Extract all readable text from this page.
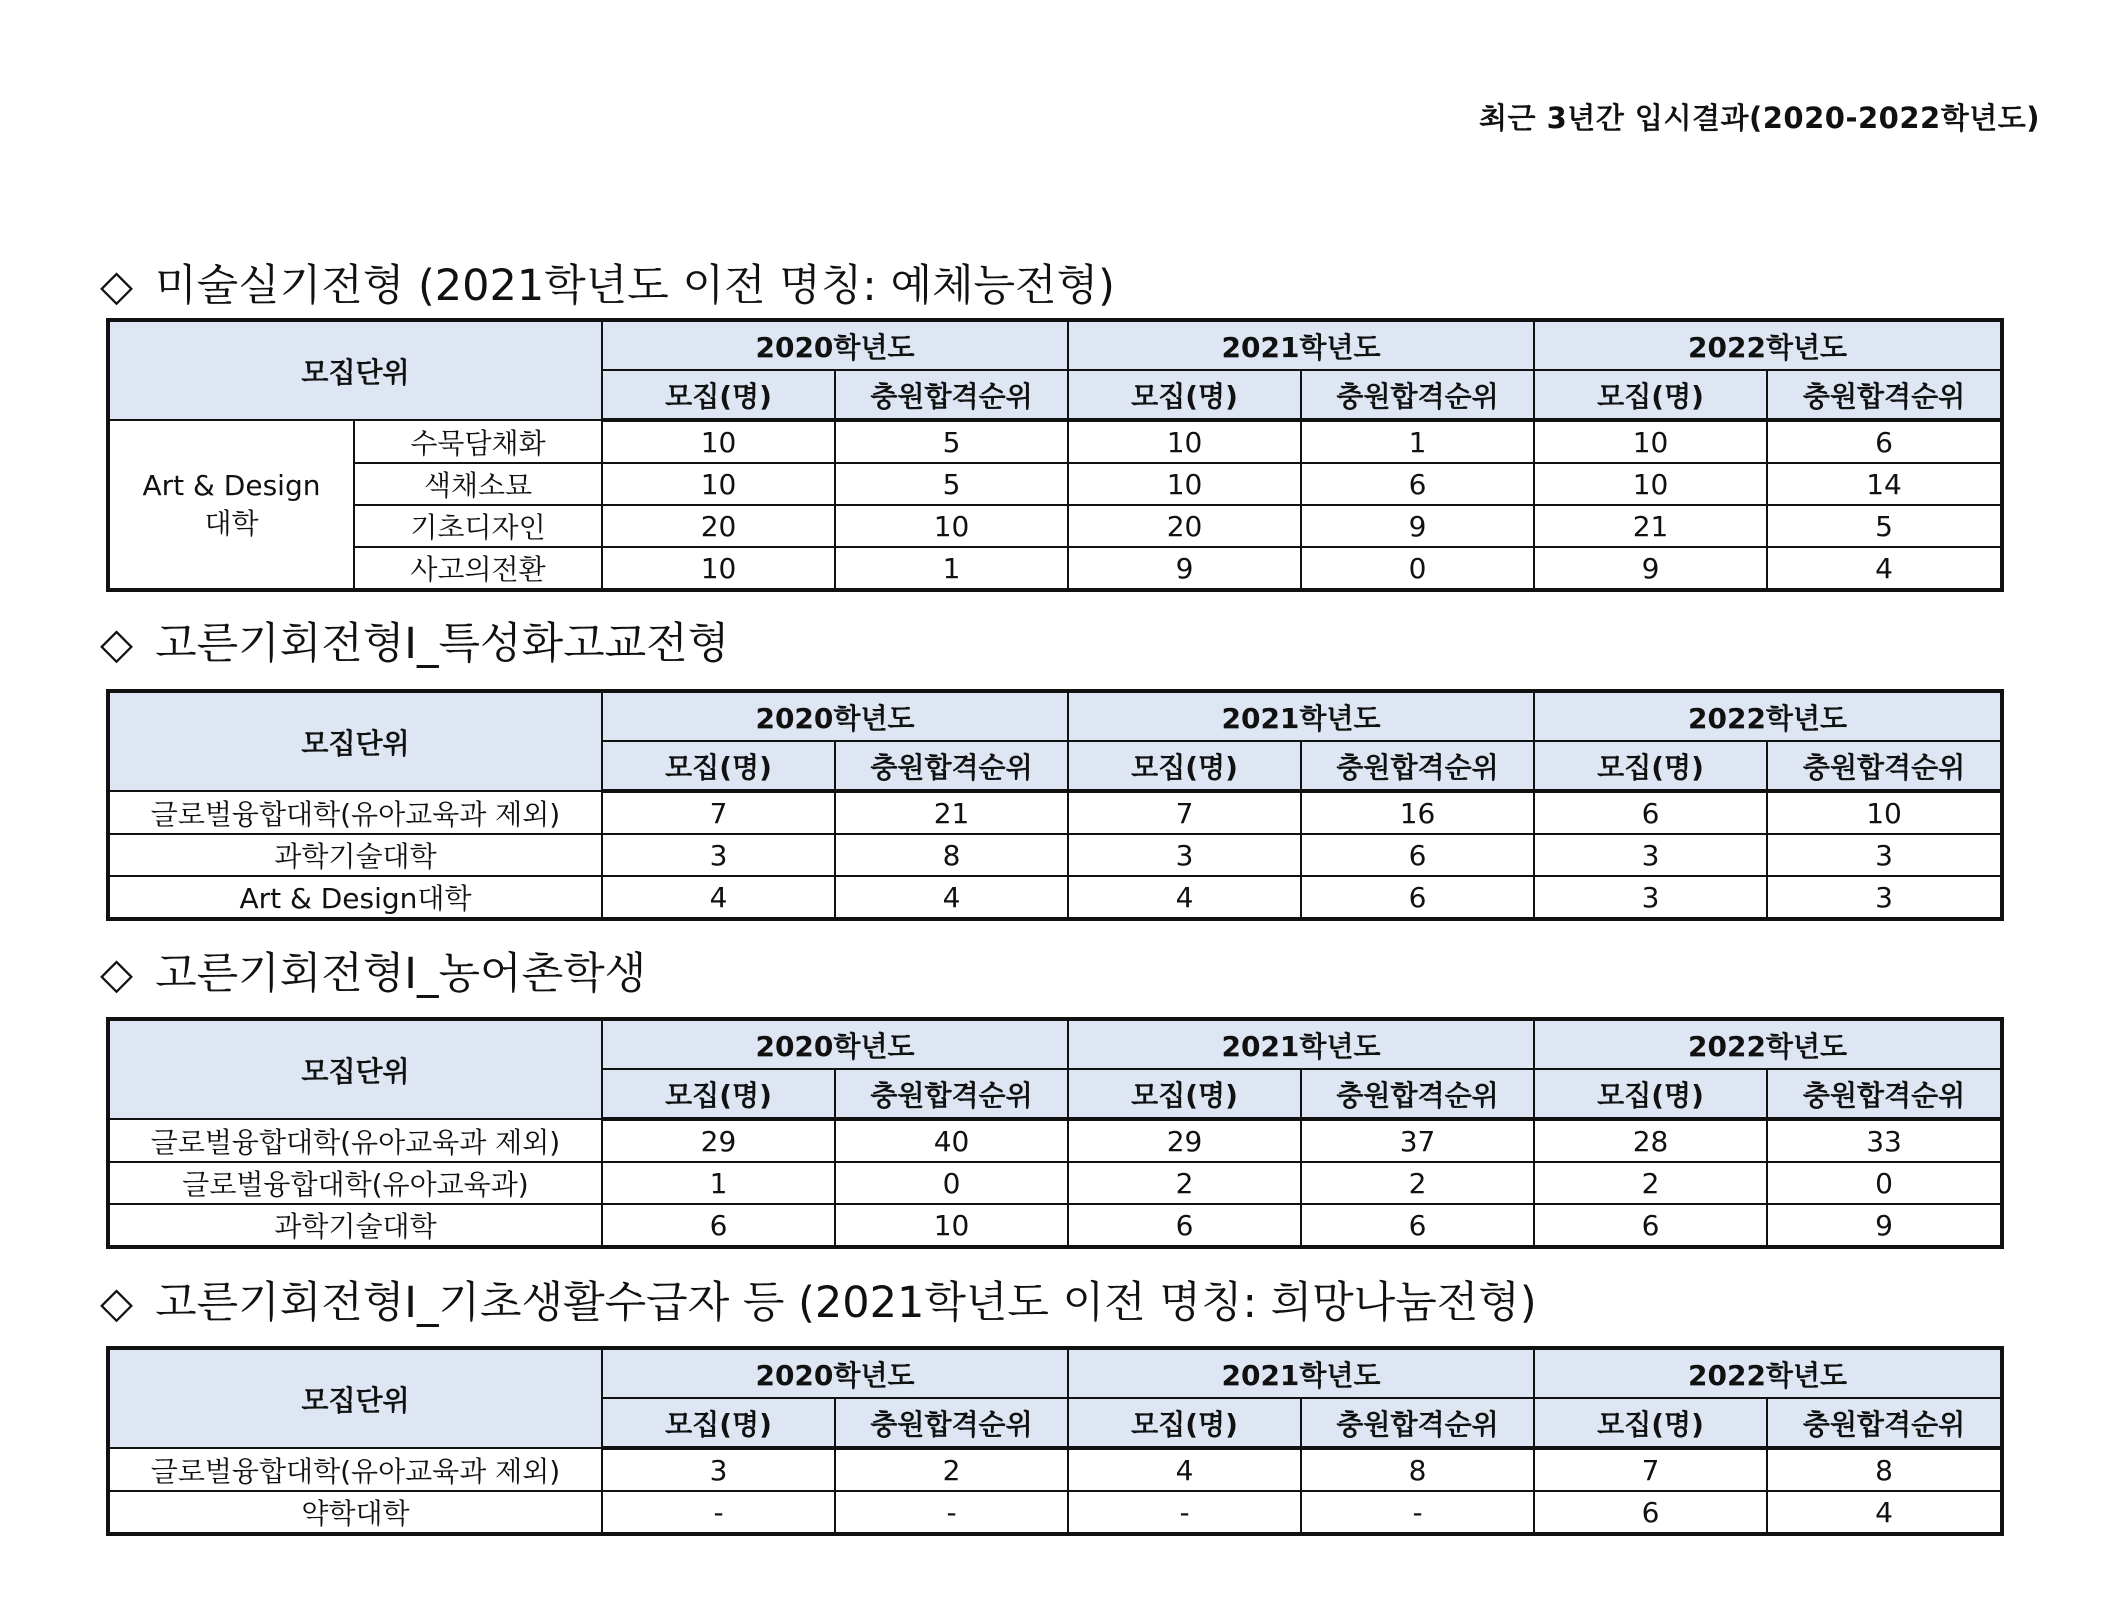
최근 3년간 입시결과(2020-2022학년도)
◇ 미술실기전형 (2021학년도 이전 명칭: 예체능전형)
모집단위		2020학년도		2021학년도		2022학년도	
		모집(명)	충원합격순위	모집(명)	충원합격순위	모집(명)	충원합격순위

Art & Design
대학	수묵담채화	10	5	10	1	10	6
	색채소묘	10	5	10	6	10	14
	기초디자인	20	10	20	9	21	5
	사고의전환	10	1	9	0	9	4
◇ 고른기회전형Ⅰ_특성화고교전형
모집단위	2020학년도		2021학년도		2022학년도	
	모집(명)	충원합격순위	모집(명)	충원합격순위	모집(명)	충원합격순위
글로벌융합대학(유아교육과 제외)	7	21	7	16	6	10
과학기술대학	3	8	3	6	3	3
Art & Design대학	4	4	4	6	3	3
◇ 고른기회전형Ⅰ_농어촌학생
모집단위	2020학년도		2021학년도		2022학년도	
	모집(명)	충원합격순위	모집(명)	충원합격순위	모집(명)	충원합격순위
글로벌융합대학(유아교육과 제외)	29	40	29	37	28	33
글로벌융합대학(유아교육과)	1	0	2	2	2	0
과학기술대학	6	10	6	6	6	9
◇ 고른기회전형Ⅰ_기초생활수급자 등 (2021학년도 이전 명칭: 희망나눔전형)
모집단위	2020학년도		2021학년도		2022학년도	
	모집(명)	충원합격순위	모집(명)	충원합격순위	모집(명)	충원합격순위
글로벌융합대학(유아교육과 제외)	3	2	4	8	7	8
약학대학	-	-	-	-	6	4
